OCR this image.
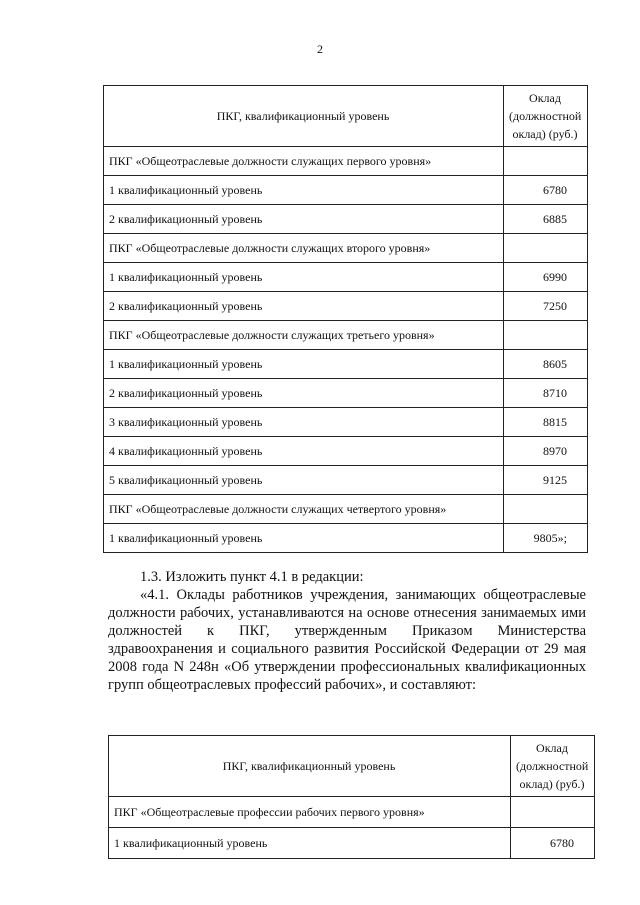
2
ПКГ, квалификационный уровень	Оклад (должностной оклад) (руб.)
ПКГ «Общеотраслевые должности служащих первого уровня»	
1 квалификационный уровень	6780
2 квалификационный уровень	6885
ПКГ «Общеотраслевые должности служащих второго уровня»	
1 квалификационный уровень	6990
2 квалификационный уровень	7250
ПКГ «Общеотраслевые должности служащих третьего уровня»	
1 квалификационный уровень	8605
2 квалификационный уровень	8710
3 квалификационный уровень	8815
4 квалификационный уровень	8970
5 квалификационный уровень	9125
ПКГ «Общеотраслевые должности служащих четвертого уровня»	
1 квалификационный уровень	9805»;
1.3. Изложить пункт 4.1 в редакции:
«4.1. Оклады работников учреждения, занимающих общеотраслевые должности рабочих, устанавливаются на основе отнесения занимаемых ими должностей к ПКГ, утвержденным Приказом Министерства здравоохранения и социального развития Российской Федерации от 29 мая 2008 года N 248н «Об утверждении профессиональных квалификационных групп общеотраслевых профессий рабочих», и составляют:
ПКГ, квалификационный уровень	Оклад (должностной оклад) (руб.)
ПКГ «Общеотраслевые профессии рабочих первого уровня»	
1 квалификационный уровень	6780
